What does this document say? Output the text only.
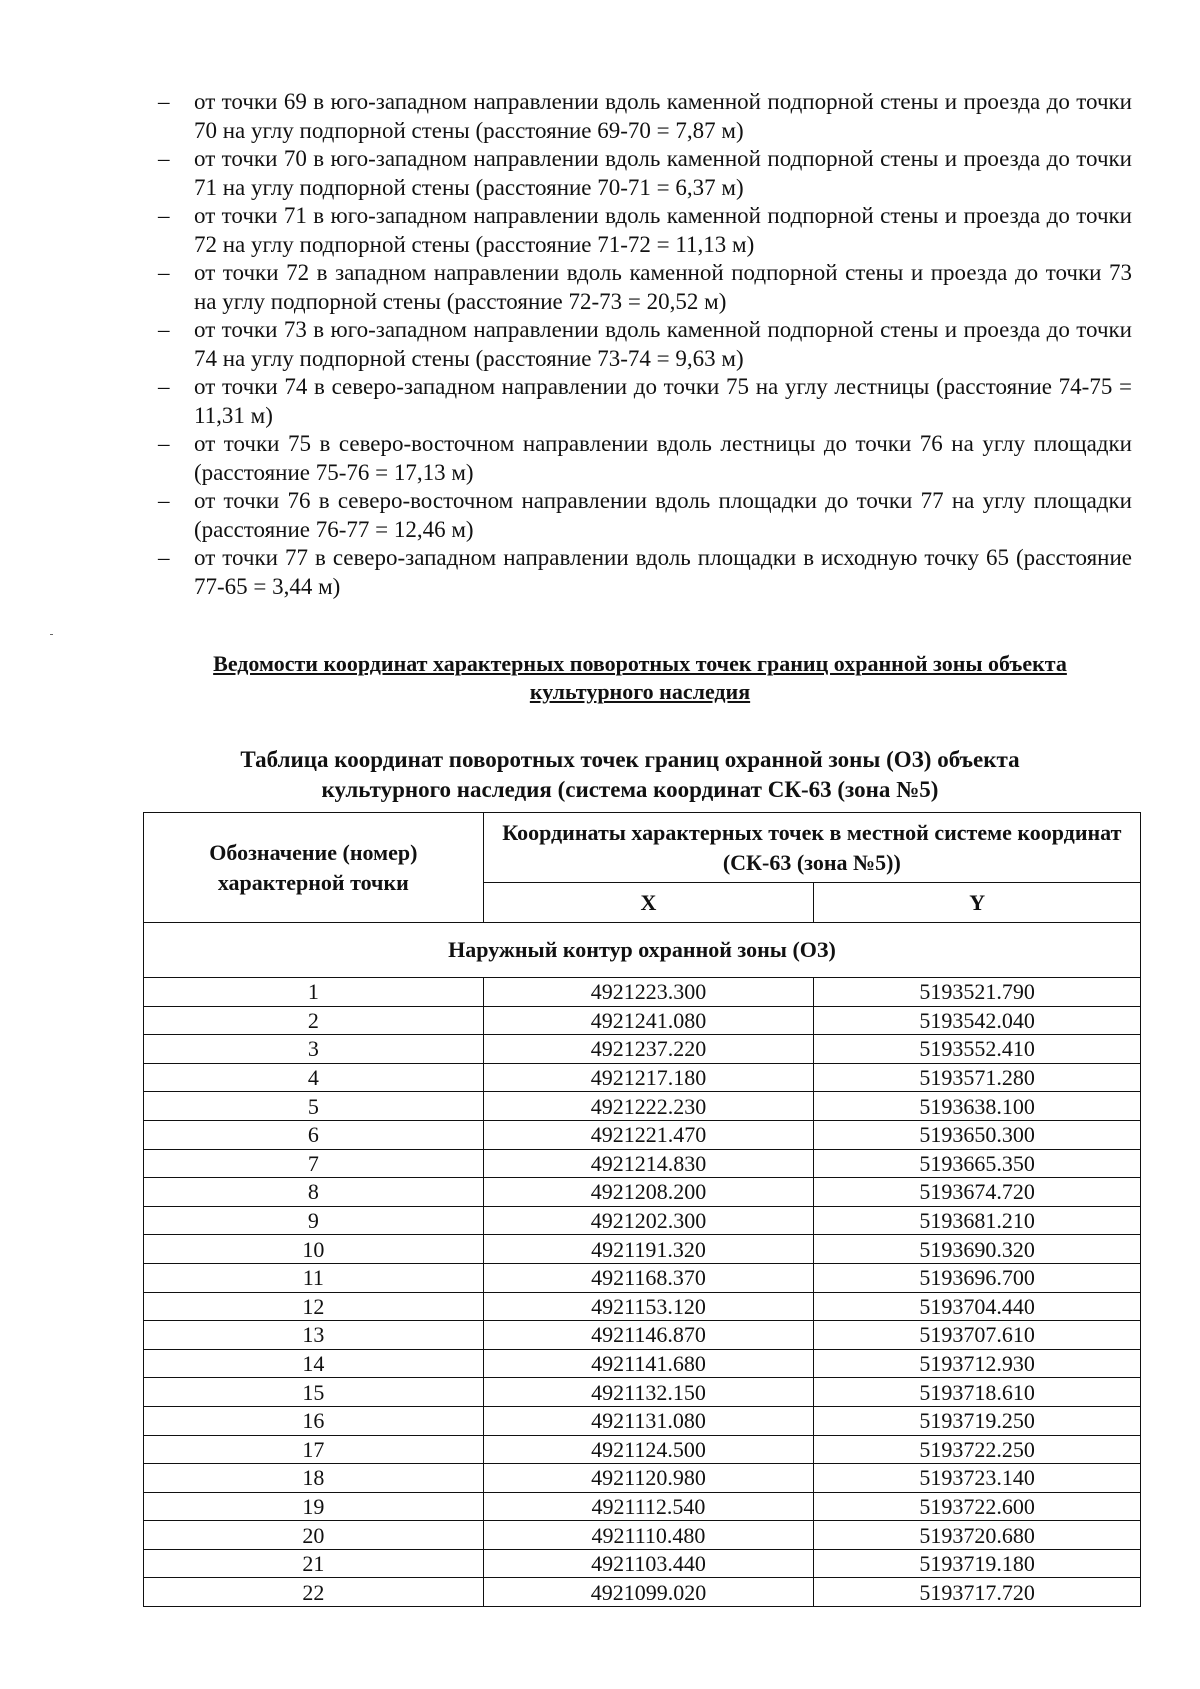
– от точки 69 в юго-западном направлении вдоль каменной подпорной стены и проезда до точки 70 на углу подпорной стены (расстояние 69-70 = 7,87 м)
– от точки 70 в юго-западном направлении вдоль каменной подпорной стены и проезда до точки 71 на углу подпорной стены (расстояние 70-71 = 6,37 м)
– от точки 71 в юго-западном направлении вдоль каменной подпорной стены и проезда до точки 72 на углу подпорной стены (расстояние 71-72 = 11,13 м)
– от точки 72 в западном направлении вдоль каменной подпорной стены и проезда до точки 73 на углу подпорной стены (расстояние 72-73 = 20,52 м)
– от точки 73 в юго-западном направлении вдоль каменной подпорной стены и проезда до точки 74 на углу подпорной стены (расстояние 73-74 = 9,63 м)
– от точки 74 в северо-западном направлении до точки 75 на углу лестницы (расстояние 74-75 = 11,31 м)
– от точки 75 в северо-восточном направлении вдоль лестницы до точки 76 на углу площадки (расстояние 75-76 = 17,13 м)
– от точки 76 в северо-восточном направлении вдоль площадки до точки 77 на углу площадки (расстояние 76-77 = 12,46 м)
– от точки 77 в северо-западном направлении вдоль площадки в исходную точку 65 (расстояние 77-65 = 3,44 м)
Ведомости координат характерных поворотных точек границ охранной зоны объекта культурного наследия
Таблица координат поворотных точек границ охранной зоны (ОЗ) объекта культурного наследия (система координат СК-63 (зона №5)
Обозначение (номер) характерной точки	Координаты характерных точек в местной системе координат (СК-63 (зона №5))	
	X	Y
Наружный контур охранной зоны (ОЗ)		
1	4921223.300	5193521.790
2	4921241.080	5193542.040
3	4921237.220	5193552.410
4	4921217.180	5193571.280
5	4921222.230	5193638.100
6	4921221.470	5193650.300
7	4921214.830	5193665.350
8	4921208.200	5193674.720
9	4921202.300	5193681.210
10	4921191.320	5193690.320
11	4921168.370	5193696.700
12	4921153.120	5193704.440
13	4921146.870	5193707.610
14	4921141.680	5193712.930
15	4921132.150	5193718.610
16	4921131.080	5193719.250
17	4921124.500	5193722.250
18	4921120.980	5193723.140
19	4921112.540	5193722.600
20	4921110.480	5193720.680
21	4921103.440	5193719.180
22	4921099.020	5193717.720
